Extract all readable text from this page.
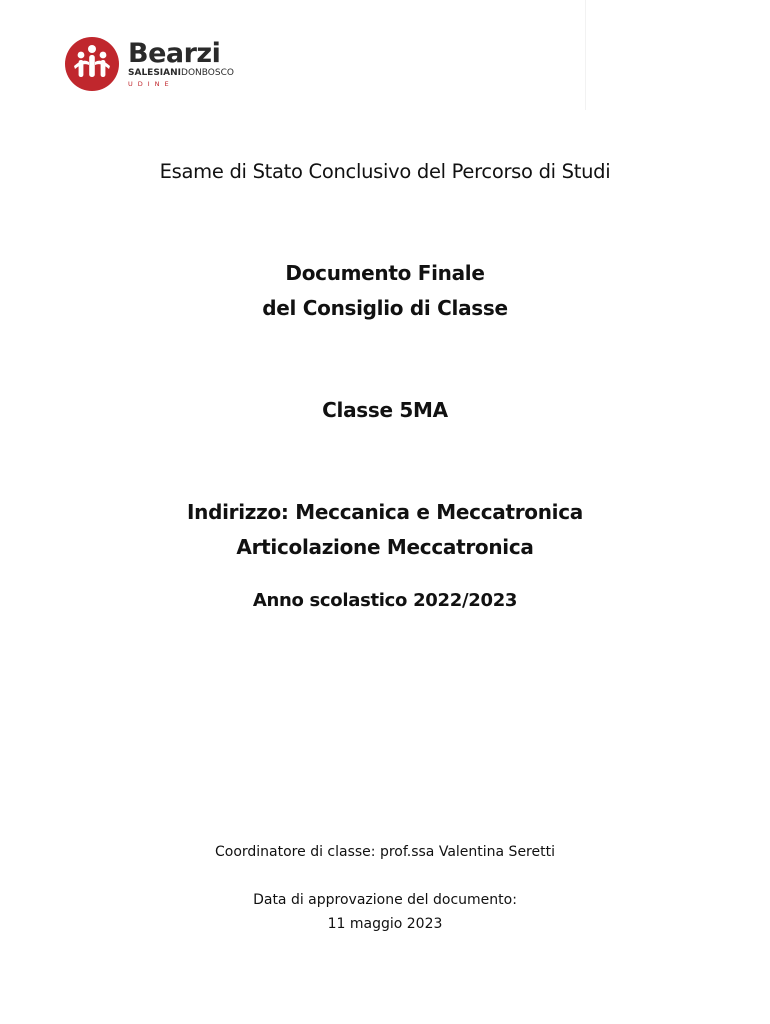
Bearzi
SALESIANIDONBOSCO
UDINE
Esame di Stato Conclusivo del Percorso di Studi
Documento Finale
del Consiglio di Classe
Classe 5MA
Indirizzo: Meccanica e Meccatronica
Articolazione Meccatronica
Anno scolastico 2022/2023
Coordinatore di classe: prof.ssa Valentina Seretti
Data di approvazione del documento:
11 maggio 2023
